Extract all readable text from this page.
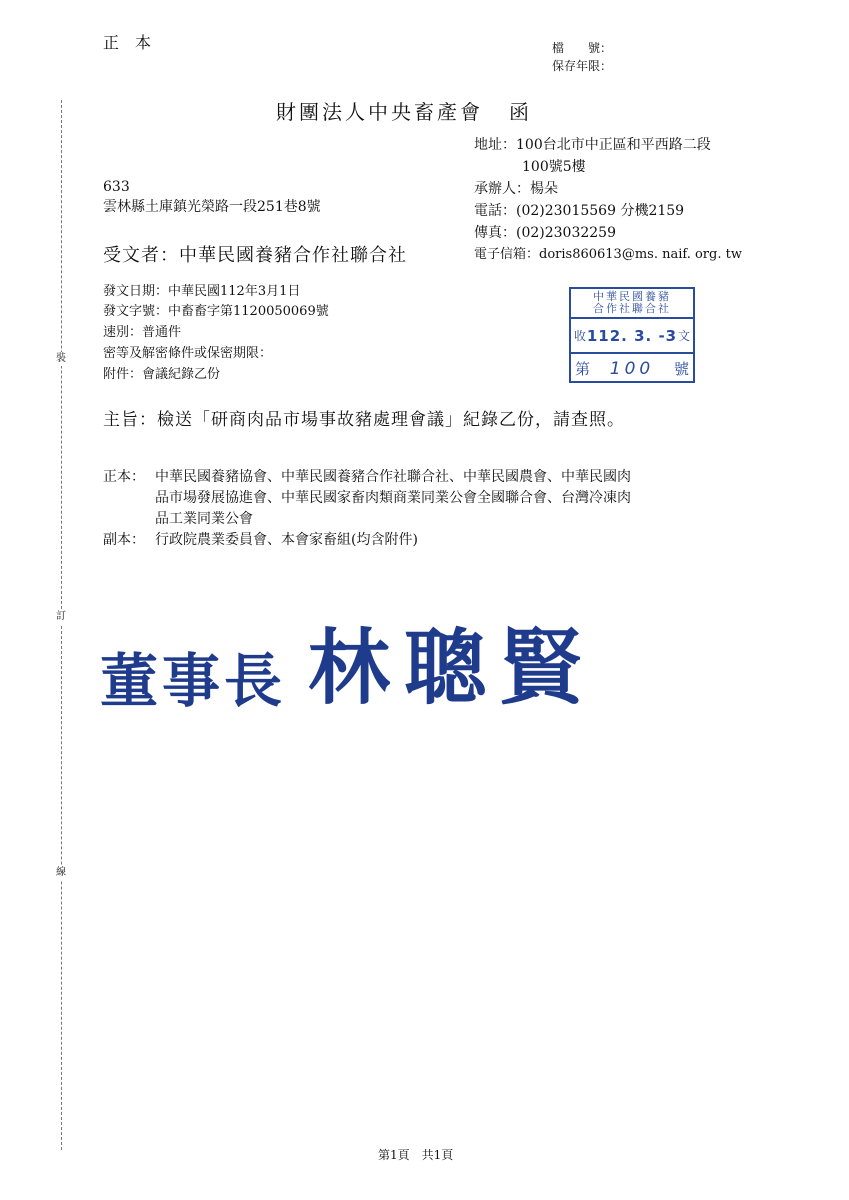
裝
訂
線
正　本	檔　　號：
保存年限：
財團法人中央畜產會 函
地址：100台北市中正區和平西路二段
100號5樓
承辦人：楊朵
電話：(02)23015569 分機2159
傳真：(02)23032259
電子信箱：doris860613@ms. naif. org. tw
633
雲林縣土庫鎮光榮路一段251巷8號
受文者：中華民國養豬合作社聯合社
發文日期：中華民國112年3月1日
發文字號：中畜畜字第1120050069號
速別：普通件
密等及解密條件或保密期限：
附件：會議紀錄乙份
中華民國養豬
合作社聯合社
收 112. 3. -3 文
第 100 號
主旨：檢送「研商肉品市場事故豬處理會議」紀錄乙份，請查照。
正本： 中華民國養豬協會、中華民國養豬合作社聯合社、中華民國農會、中華民國肉
品市場發展協進會、中華民國家畜肉類商業同業公會全國聯合會、台灣冷凍肉
品工業同業公會
副本： 行政院農業委員會、本會家畜組(均含附件)
董事長 林聰賢
第1頁　共1頁
